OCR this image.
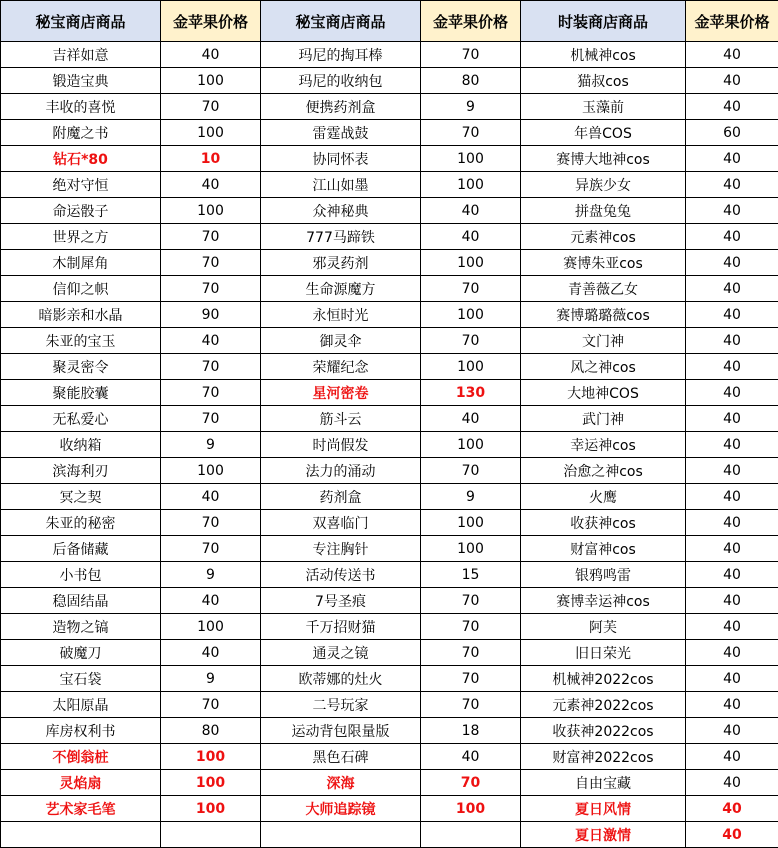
秘宝商店商品	金苹果价格	秘宝商店商品	金苹果价格	时装商店商品	金苹果价格
吉祥如意	40	玛尼的掏耳棒	70	机械神cos	40
锻造宝典	100	玛尼的收纳包	80	猫叔cos	40
丰收的喜悦	70	便携药剂盒	9	玉藻前	40
附魔之书	100	雷霆战鼓	70	年兽COS	60
钻石*80	10	协同怀表	100	赛博大地神cos	40
绝对守恒	40	江山如墨	100	异族少女	40
命运骰子	100	众神秘典	40	拼盘兔兔	40
世界之方	70	777马蹄铁	40	元素神cos	40
木制犀角	70	邪灵药剂	100	赛博朱亚cos	40
信仰之帜	70	生命源魔方	70	青善薇乙女	40
暗影亲和水晶	90	永恒时光	100	赛博璐璐薇cos	40
朱亚的宝玉	40	御灵伞	70	文门神	40
聚灵密令	70	荣耀纪念	100	风之神cos	40
聚能胶囊	70	星河密卷	130	大地神COS	40
无私爱心	70	筋斗云	40	武门神	40
收纳箱	9	时尚假发	100	幸运神cos	40
滨海利刃	100	法力的涌动	70	治愈之神cos	40
冥之契	40	药剂盒	9	火鹰	40
朱亚的秘密	70	双喜临门	100	收获神cos	40
后备储藏	70	专注胸针	100	财富神cos	40
小书包	9	活动传送书	15	银鸦鸣雷	40
稳固结晶	40	7号圣痕	70	赛博幸运神cos	40
造物之镐	100	千万招财猫	70	阿芙	40
破魔刀	40	通灵之镜	70	旧日荣光	40
宝石袋	9	欧蒂娜的灶火	70	机械神2022cos	40
太阳原晶	70	二号玩家	70	元素神2022cos	40
库房权利书	80	运动背包限量版	18	收获神2022cos	40
不倒翁桩	100	黑色石碑	40	财富神2022cos	40
灵焰扇	100	深海	70	自由宝藏	40
艺术家毛笔	100	大师追踪镜	100	夏日风情	40
				夏日激情	40
